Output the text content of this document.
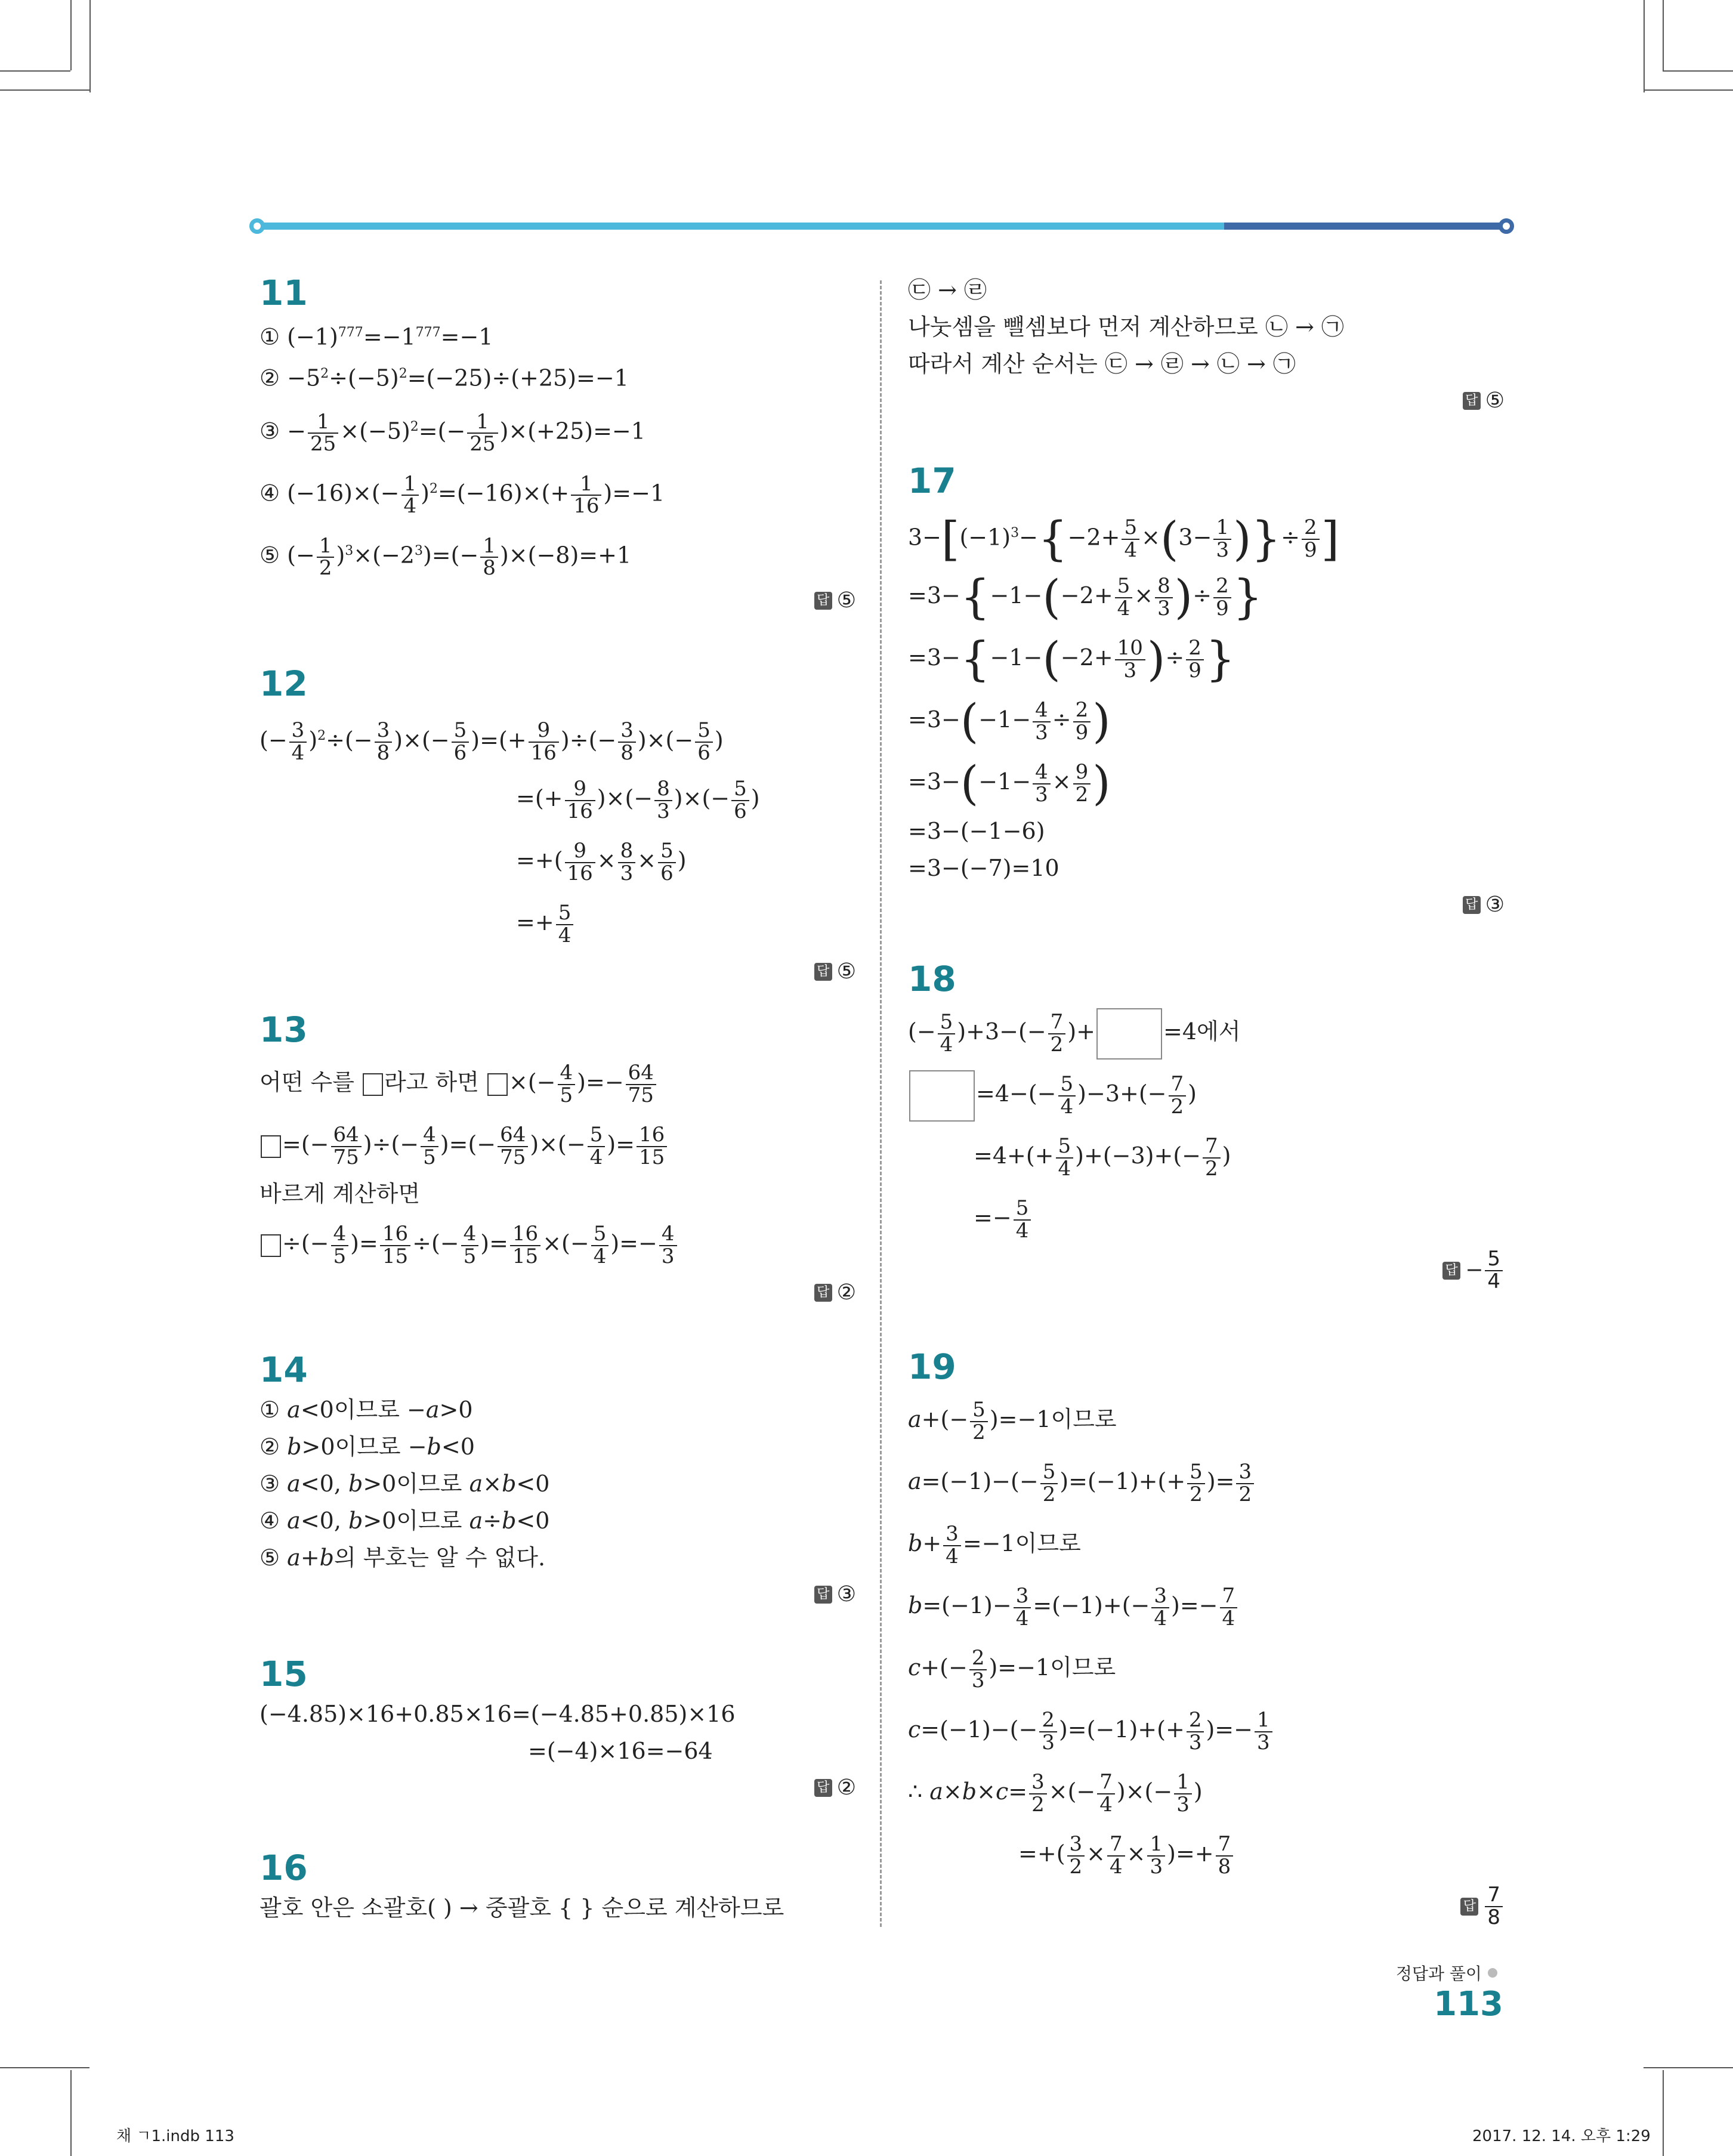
11
① $(-1)^{777}=-1^{777}=-1$
② $-5^2\div(-5)^2=(-25)\div(+25)=-1$
③ − $\frac{1}{25} \times(-5)^2=(- \frac{1}{25} )\times(+25)=-1$
④ $(-16)\times(- \frac{1}{4} )^2=(-16)\times(+ \frac{1}{16} )=-1$
⑤ (− $\frac{1}{2} )^3\times(-2^3)=(- \frac{1}{8} )\times(-8)=+1$
답 ⑤
12
(− $\frac{3}{4} )^2\div(- \frac{3}{8}$ )×(− $\frac{5}{6}$ )=(+ $\frac{9}{16}$ )÷(− $\frac{3}{8}$ )×(− $\frac{5}{6}$ )
=(+ $\frac{9}{16}$ )×(− $\frac{8}{3}$ )×(− $\frac{5}{6}$ )
=+( $\frac{9}{16} \times \frac{8}{3} \times \frac{5}{6}$ )
=+ $\frac{5}{4}$
답 ⑤
13
어떤 수를 라고 하면 ×(− $\frac{4}{5}$ )=− $\frac{64}{75}$
=(− $\frac{64}{75}$ )÷(− $\frac{4}{5}$ )=(− $\frac{64}{75}$ )×(− $\frac{5}{4}$ )= $\frac{16}{15}$
바르게 계산하면
÷(− $\frac{4}{5}$ )= $\frac{16}{15}$ ÷(− $\frac{4}{5}$ )= $\frac{16}{15}$ ×(− $\frac{5}{4}$ )=− $\frac{4}{3}$
답 ②
14
① a<0이므로 −a>0
② b>0이므로 −b<0
③ a<0, b>0이므로 a×b<0
④ a<0, b>0이므로 a÷b<0
⑤ a+b의 부호는 알 수 없다.
답 ③
15
(−4.85)×16+0.85×16=(−4.85+0.85)×16
=(−4)×16=−64
답 ②
16
괄호 안은 소괄호( ) → 중괄호 { } 순으로 계산하므로
㉢ → ㉣
나눗셈을 뺄셈보다 먼저 계산하므로 ㉡ → ㉠
따라서 계산 순서는 ㉢ → ㉣ → ㉡ → ㉠
답 ⑤
17
$3-[(-1)^3-\{-2+ \frac{5}{4} \times(3- \frac{1}{3}$ )}÷ $\frac{2}{9}$ ]
$=3-\{-1-(-2+ \frac{5}{4} \times \frac{8}{3}$ )÷ $\frac{2}{9}$ }
$=3-\{-1-(-2+ \frac{10}{3}$ )÷ $\frac{2}{9}$ }
$=3-(-1- \frac{4}{3} \div \frac{2}{9}$ )
$=3-(-1- \frac{4}{3} \times \frac{9}{2}$ )
=3−(−1−6)
=3−(−7)=10
답 ③
18
(− $\frac{5}{4} )+3-(- \frac{7}{2}$ )+	=4에서
$=4-(- \frac{5}{4} )-3+(- \frac{7}{2}$ )
$=4+(+ \frac{5}{4} )+(-3)+(- \frac{7}{2}$ )
=− $\frac{5}{4}$
답 − $\frac{5}{4}$
19
$a+(- \frac{5}{2} )=-1$이므로
$a=(-1)-(- \frac{5}{2} )=(-1)+(+ \frac{5}{2}$ )= $\frac{3}{2}$
$b+ \frac{3}{4} =-1$이므로
$b=(-1)- \frac{3}{4} =(-1)+(- \frac{3}{4}$ )=− $\frac{7}{4}$
$c+(- \frac{2}{3} )=-1$이므로
$c=(-1)-(- \frac{2}{3} )=(-1)+(+ \frac{2}{3}$ )=− $\frac{1}{3}$
∴ $a\times b\times c= \frac{3}{2}$ ×(− $\frac{7}{4}$ )×(− $\frac{1}{3}$ )
=+( $\frac{3}{2} \times \frac{7}{4} \times \frac{1}{3}$ )=+ $\frac{7}{8}$
답 $\frac{7}{8}$
정답과 풀이113
채 ㄱ1.indb 113	2017. 12. 14. 오후 1:29
